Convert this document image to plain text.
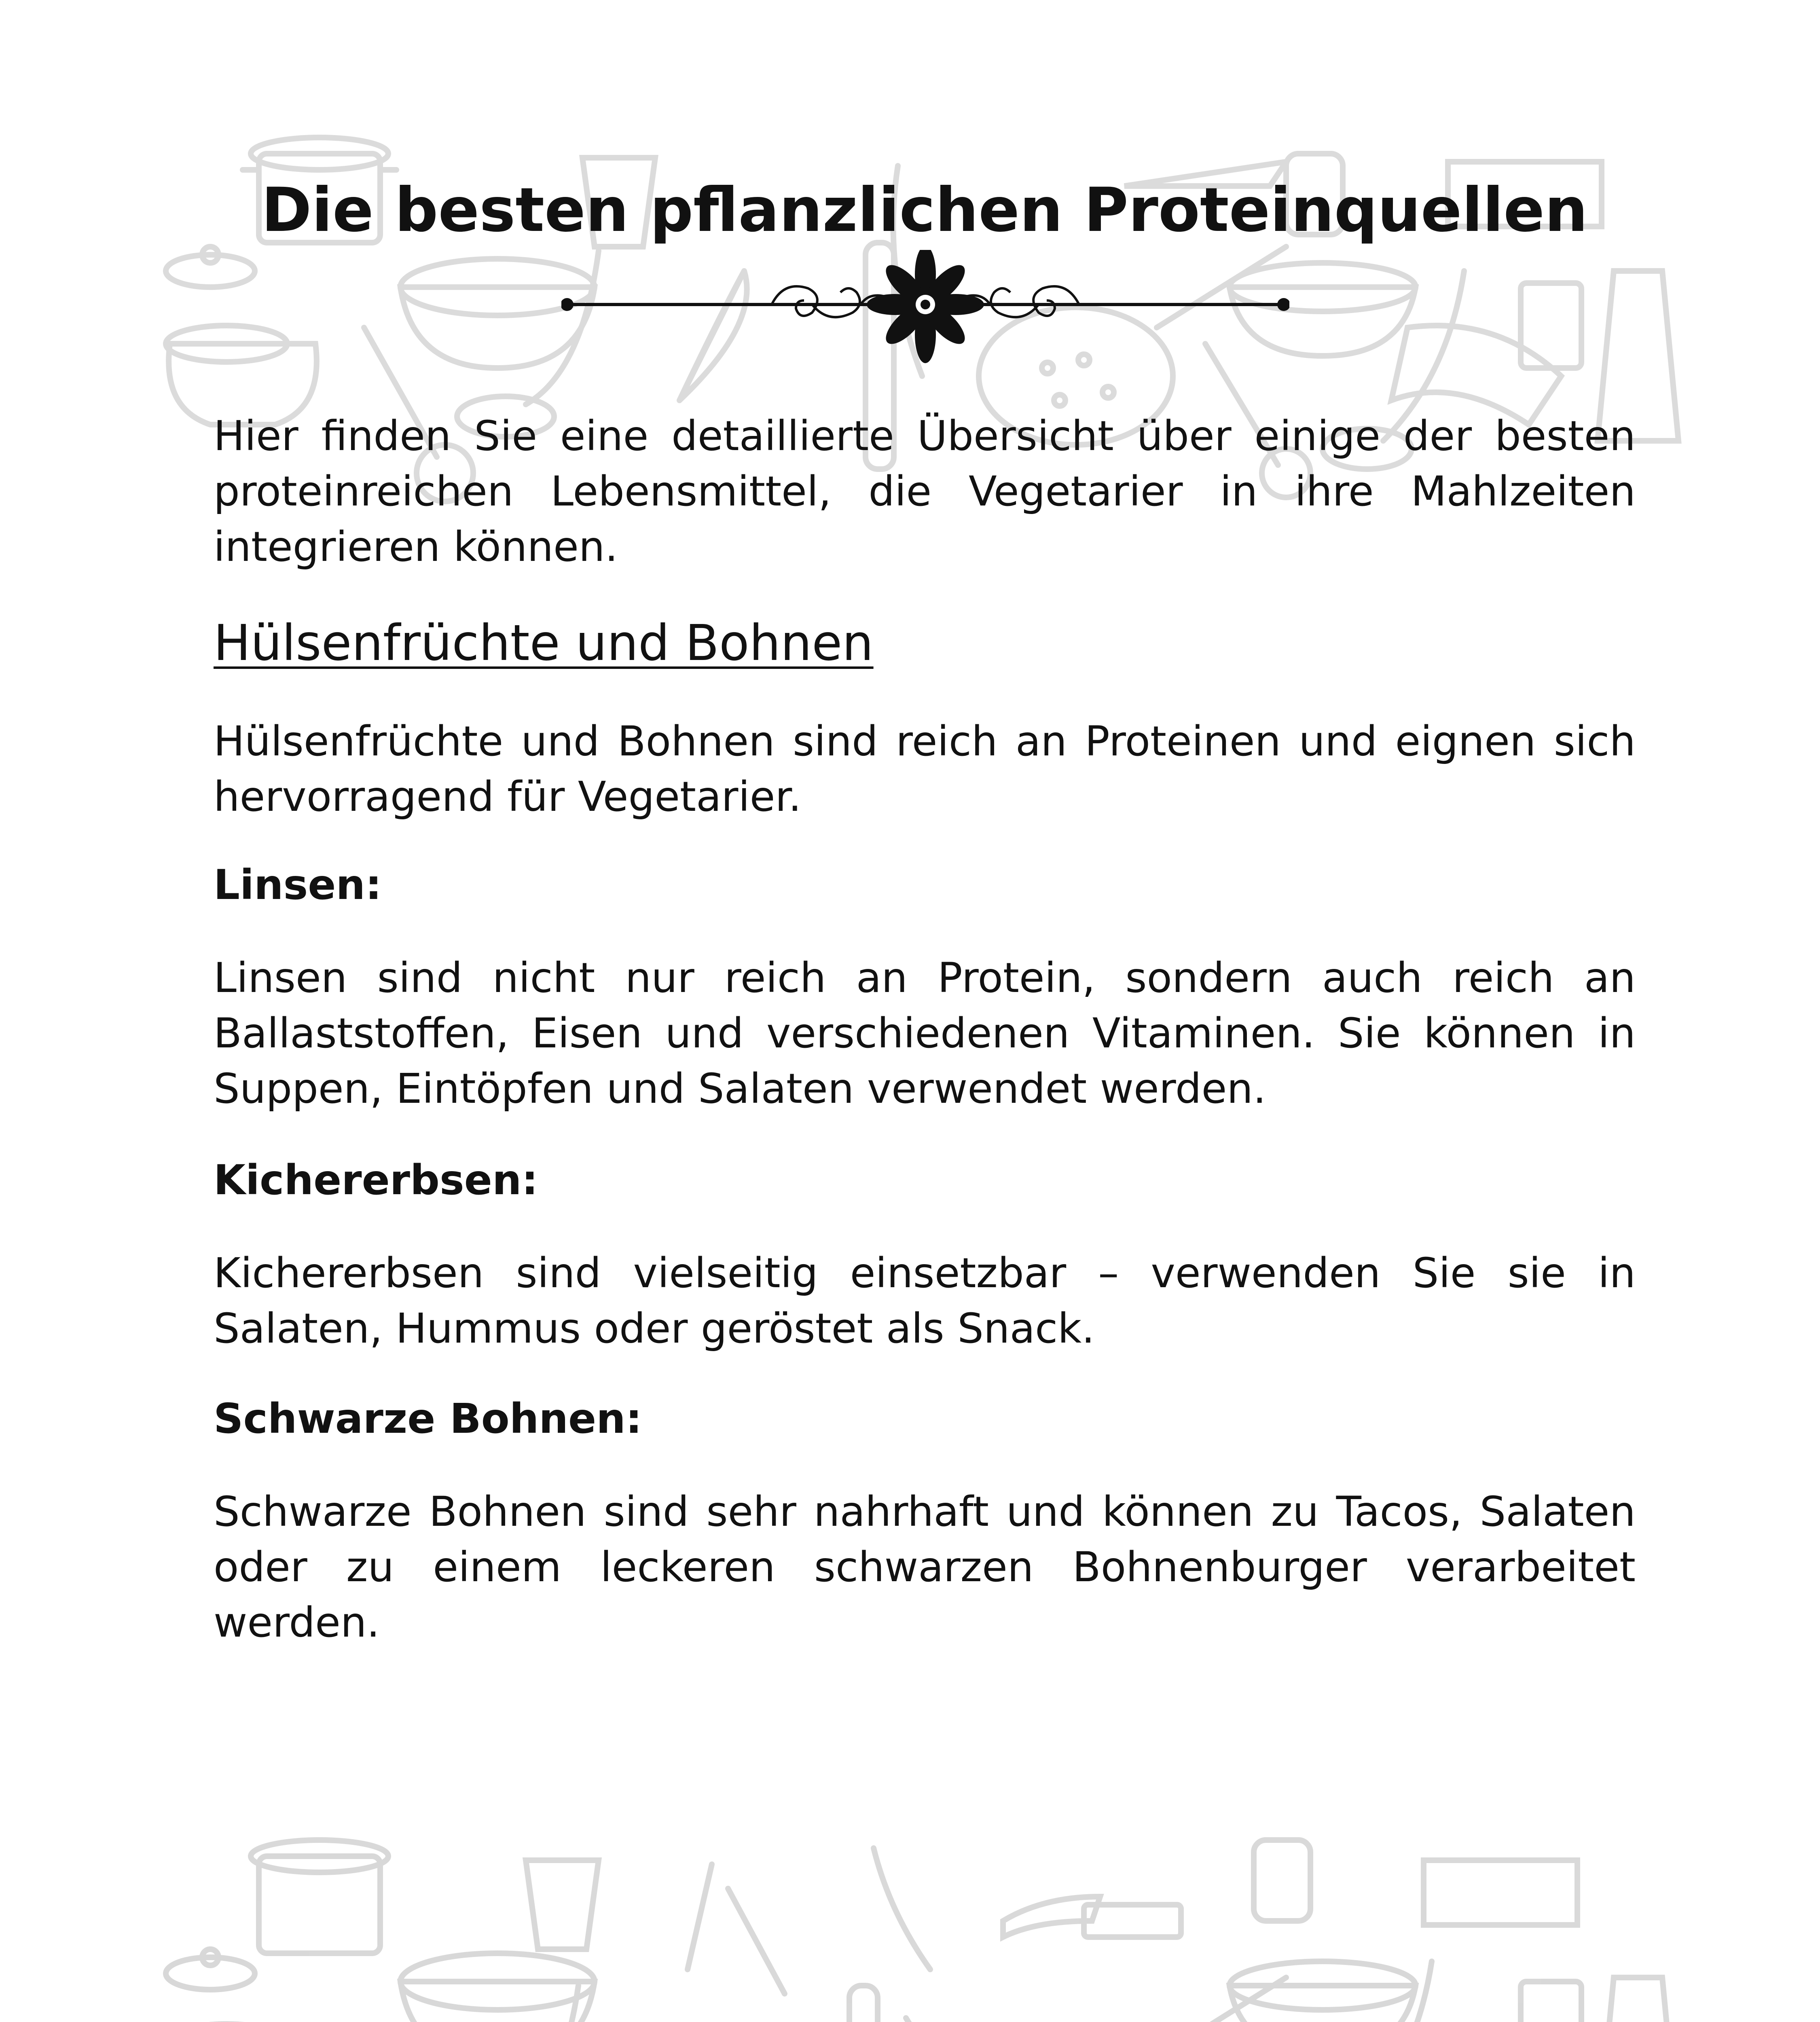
Die besten pflanzlichen Proteinquellen

Hier finden Sie eine detaillierte Übersicht über einige der besten proteinreichen Lebensmittel, die Vegetarier in ihre Mahlzeiten integrieren können.

Hülsenfrüchte und Bohnen

Hülsenfrüchte und Bohnen sind reich an Proteinen und eignen sich hervorragend für Vegetarier.

Linsen:

Linsen sind nicht nur reich an Protein, sondern auch reich an Ballaststoffen, Eisen und verschiedenen Vitaminen. Sie können in Suppen, Eintöpfen und Salaten verwendet werden.

Kichererbsen:

Kichererbsen sind vielseitig einsetzbar – verwenden Sie sie in Salaten, Hummus oder geröstet als Snack.

Schwarze Bohnen:

Schwarze Bohnen sind sehr nahrhaft und können zu Tacos, Salaten oder zu einem leckeren schwarzen Bohnenburger verarbeitet werden.
